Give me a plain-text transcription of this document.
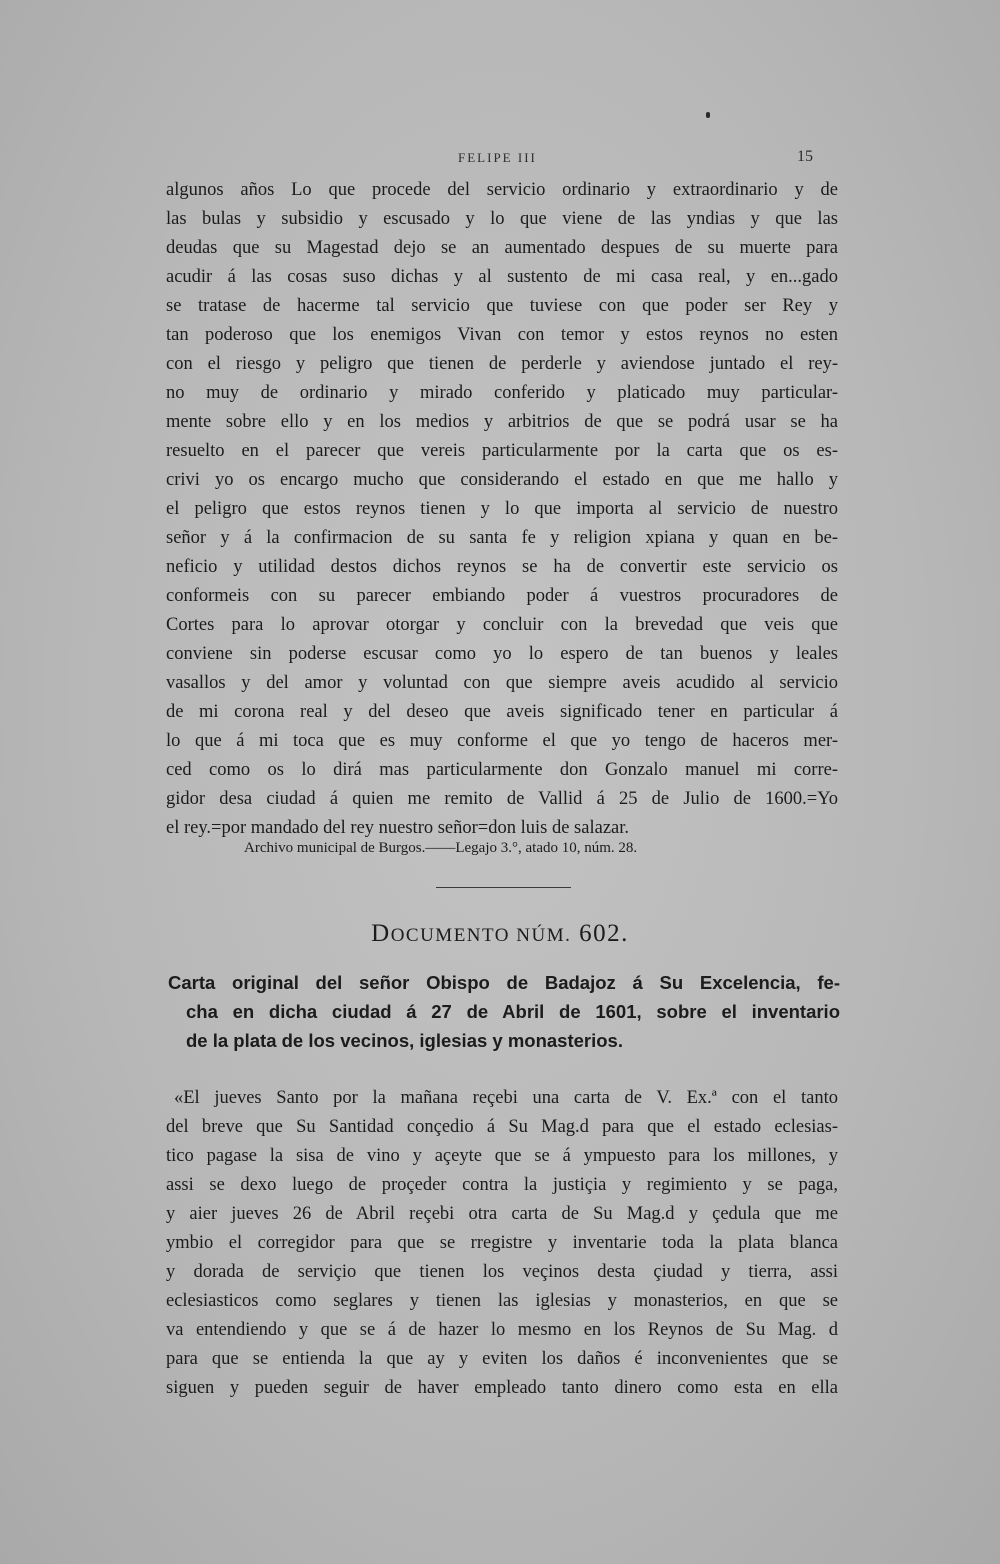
FELIPE III	15
algunos años Lo que procede del servicio ordinario y extraordinario y de
las bulas y subsidio y escusado y lo que viene de las yndias y que las
deudas que su Magestad dejo se an aumentado despues de su muerte para
acudir á las cosas suso dichas y al sustento de mi casa real, y en...gado
se tratase de hacerme tal servicio que tuviese con que poder ser Rey y
tan poderoso que los enemigos Vivan con temor y estos reynos no esten
con el riesgo y peligro que tienen de perderle y aviendose juntado el rey-
no muy de ordinario y mirado conferido y platicado muy particular-
mente sobre ello y en los medios y arbitrios de que se podrá usar se ha
resuelto en el parecer que vereis particularmente por la carta que os es-
crivi yo os encargo mucho que considerando el estado en que me hallo y
el peligro que estos reynos tienen y lo que importa al servicio de nuestro
señor y á la confirmacion de su santa fe y religion xpiana y quan en be-
neficio y utilidad destos dichos reynos se ha de convertir este servicio os
conformeis con su parecer embiando poder á vuestros procuradores de
Cortes para lo aprovar otorgar y concluir con la brevedad que veis que
conviene sin poderse escusar como yo lo espero de tan buenos y leales
vasallos y del amor y voluntad con que siempre aveis acudido al servicio
de mi corona real y del deseo que aveis significado tener en particular á
lo que á mi toca que es muy conforme el que yo tengo de haceros mer-
ced como os lo dirá mas particularmente don Gonzalo manuel mi corre-
gidor desa ciudad á quien me remito de Vallid á 25 de Julio de 1600.=Yo
el rey.=por mandado del rey nuestro señor=don luis de salazar.
Archivo municipal de Burgos.——Legajo 3.°, atado 10, núm. 28.
DOCUMENTO NÚM. 602.
Carta original del señor Obispo de Badajoz á Su Excelencia, fe-
cha en dicha ciudad á 27 de Abril de 1601, sobre el inventario
de la plata de los vecinos, iglesias y monasterios.
«El jueves Santo por la mañana reçebi una carta de V. Ex.ª con el tanto
del breve que Su Santidad conçedio á Su Mag.d para que el estado eclesias-
tico pagase la sisa de vino y açeyte que se á ympuesto para los millones, y
assi se dexo luego de proçeder contra la justiçia y regimiento y se paga,
y aier jueves 26 de Abril reçebi otra carta de Su Mag.d y çedula que me
ymbio el corregidor para que se rregistre y inventarie toda la plata blanca
y dorada de serviçio que tienen los veçinos desta çiudad y tierra, assi
eclesiasticos como seglares y tienen las iglesias y monasterios, en que se
va entendiendo y que se á de hazer lo mesmo en los Reynos de Su Mag. d
para que se entienda la que ay y eviten los daños é inconvenientes que se
siguen y pueden seguir de haver empleado tanto dinero como esta en ella
